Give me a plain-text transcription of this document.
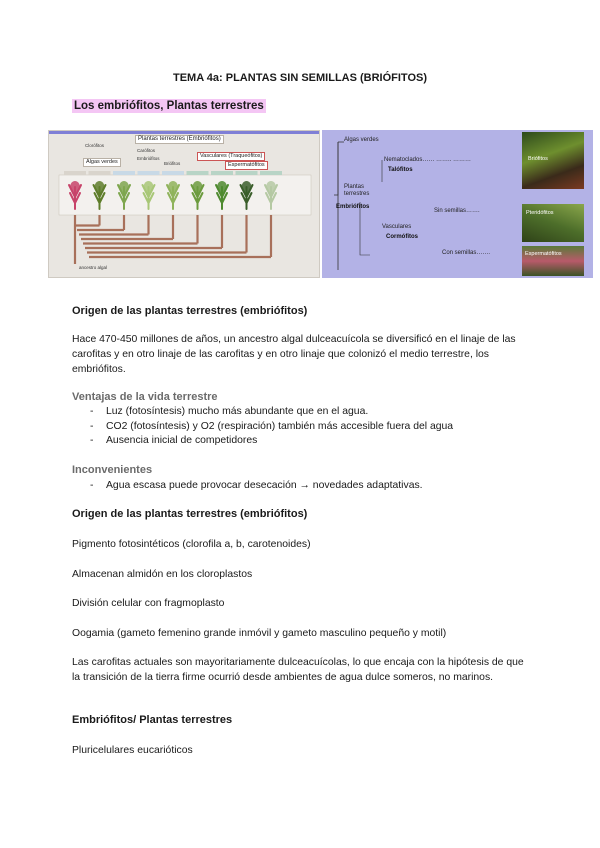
TEMA 4a: PLANTAS SIN SEMILLAS (BRIÓFITOS)
Los embriófitos, Plantas terrestres
Plantas terrestres (Embriófitos)
Algas verdes
Vasculares (Traqueófitos)
Espermatófitos
Clorófitos
Carófitos
Embriófitos
Briófitos
ancestro algal
Algas verdes
Nematoclados…… …….. ………
Talófitos
Plantas
terrestres
Embriófitos
Sin semillas…….
Vasculares
Cormófitos
Con semillas…….
Briófitos
Pteridófitos
Espermatófitos
Origen de las plantas terrestres (embriófitos)
Hace 470-450 millones de años, un ancestro algal dulceacuícola se diversificó en el linaje de las carofitas y en otro linaje de las carofitas y en otro linaje que colonizó el medio terrestre, los embriófitos.
Ventajas de la vida terrestre
- Luz (fotosíntesis) mucho más abundante que en el agua.
- CO2 (fotosíntesis) y O2 (respiración) también más accesible fuera del agua
- Ausencia inicial de competidores
Inconvenientes
- Agua escasa puede provocar desecación → novedades adaptativas.
Origen de las plantas terrestres (embriófitos)
Pigmento fotosintéticos (clorofila a, b, carotenoides)
Almacenan almidón en los cloroplastos
División celular con fragmoplasto
Oogamia (gameto femenino grande inmóvil y gameto masculino pequeño y motil)
Las carofitas actuales son mayoritariamente dulceacuícolas, lo que encaja con la hipótesis de que la transición de la tierra firme ocurrió desde ambientes de agua dulce someros, no marinos.
Embriófitos/ Plantas terrestres
Pluricelulares eucarióticos
